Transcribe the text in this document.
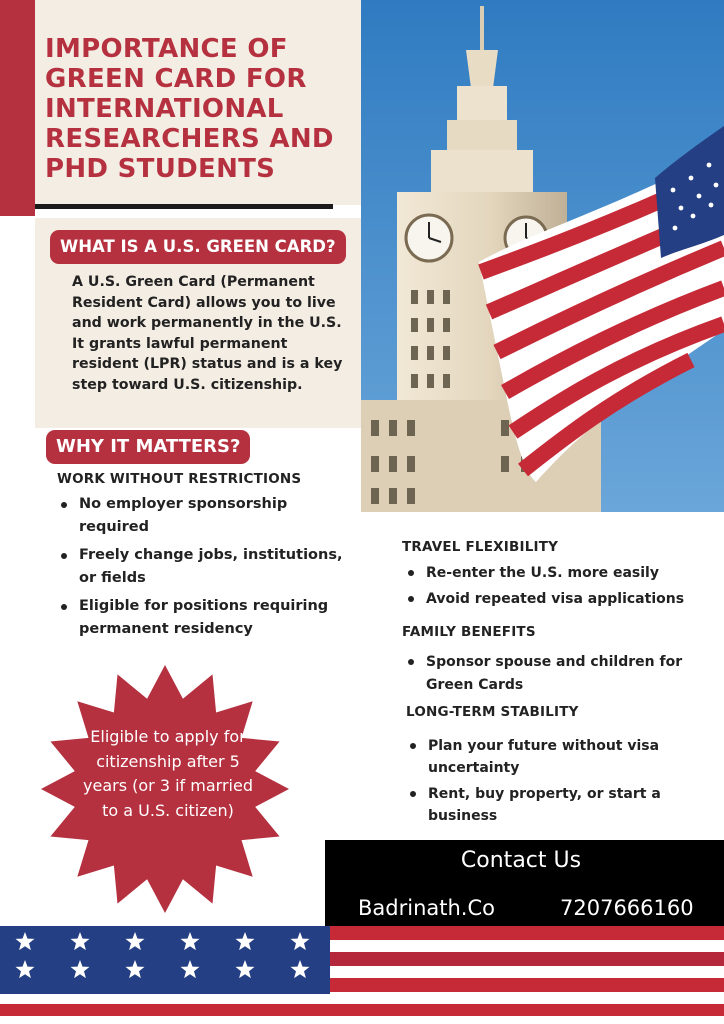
IMPORTANCE OF GREEN CARD FOR INTERNATIONAL RESEARCHERS AND PHD STUDENTS
WHAT IS A U.S. GREEN CARD?

A U.S. Green Card (Permanent Resident Card) allows you to live and work permanently in the U.S. It grants lawful permanent resident (LPR) status and is a key step toward U.S. citizenship.

WHY IT MATTERS?

WORK WITHOUT RESTRICTIONS

No employer sponsorship required
Freely change jobs, institutions, or fields
Eligible for positions requiring permanent residency

TRAVEL FLEXIBILITY

Re-enter the U.S. more easily
Avoid repeated visa applications

FAMILY BENEFITS

Sponsor spouse and children for Green Cards

LONG-TERM STABILITY

Plan your future without visa uncertainty
Rent, buy property, or start a business

Eligible to apply for citizenship after 5 years (or 3 if married to a U.S. citizen)

Contact Us
Badrinath.Co	7207666160
